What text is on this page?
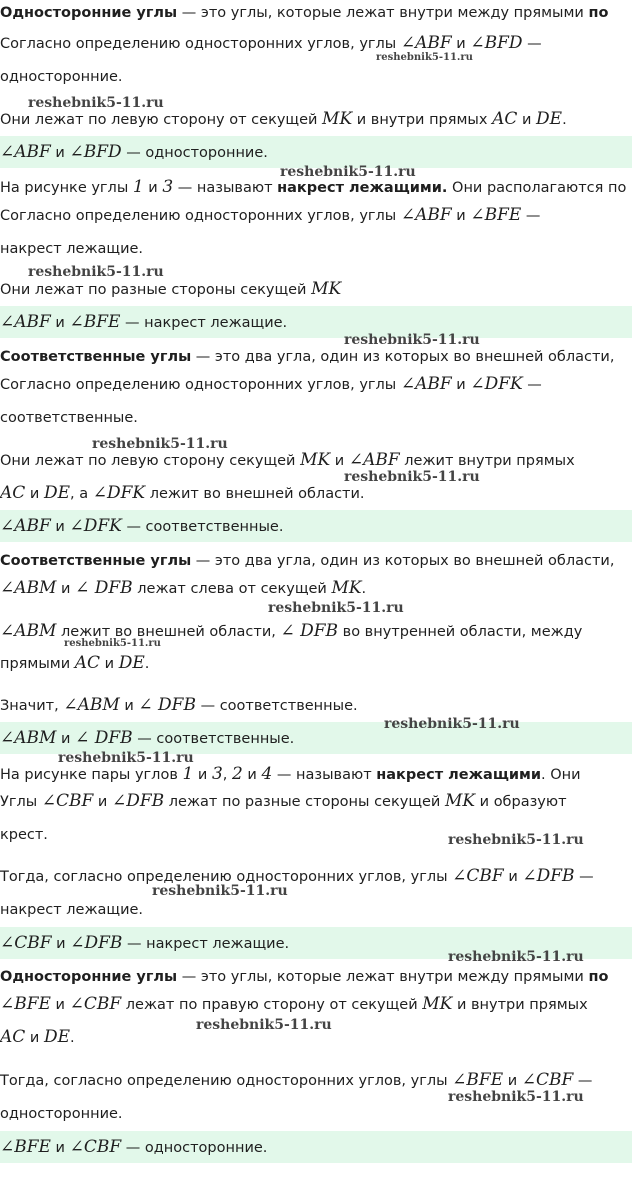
Односторонние углы — это углы, которые лежат внутри между прямыми по
Согласно определению односторонних углов, углы ∠ABF и ∠BFD —
односторонние.
Они лежат по левую сторону от секущей MK и внутри прямых AC и DE.
На рисунке углы 1 и 3 — называют накрест лежащими. Они располагаются по
Согласно определению односторонних углов, углы ∠ABF и ∠BFE —
накрест лежащие.
Они лежат по разные стороны секущей MK
Соответственные углы — это два угла, один из которых во внешней области,
Согласно определению односторонних углов, углы ∠ABF и ∠DFK —
соответственные.
Они лежат по левую сторону секущей MK и ∠ABF лежит внутри прямых
AC и DE, а ∠DFK лежит во внешней области.
Соответственные углы — это два угла, один из которых во внешней области,
∠ABM и ∠ DFB лежат слева от секущей MK.
∠ABM лежит во внешней области, ∠ DFB во внутренней области, между
прямыми AC и DE.
Значит, ∠ABM и ∠ DFB — соответственные.
На рисунке пары углов 1 и 3, 2 и 4 — называют накрест лежащими. Они
Углы ∠CBF и ∠DFB лежат по разные стороны секущей MK и образуют
крест.
Тогда, согласно определению односторонних углов, углы ∠CBF и ∠DFB —
накрест лежащие.
Односторонние углы — это углы, которые лежат внутри между прямыми по
∠BFE и ∠CBF лежат по правую сторону от секущей MK и внутри прямых
AC и DE.
Тогда, согласно определению односторонних углов, углы ∠BFE и ∠CBF —
односторонние.
∠ABF и ∠BFD — односторонние.
∠ABF и ∠BFE — накрест лежащие.
∠ABF и ∠DFK — соответственные.
∠ABM и ∠ DFB — соответственные.
∠CBF и ∠DFB — накрест лежащие.
∠BFE и ∠CBF — односторонние.
reshebnik5-11.ru
reshebnik5-11.ru
reshebnik5-11.ru
reshebnik5-11.ru
reshebnik5-11.ru
reshebnik5-11.ru
reshebnik5-11.ru
reshebnik5-11.ru
reshebnik5-11.ru
reshebnik5-11.ru
reshebnik5-11.ru
reshebnik5-11.ru
reshebnik5-11.ru
reshebnik5-11.ru
reshebnik5-11.ru
reshebnik5-11.ru
